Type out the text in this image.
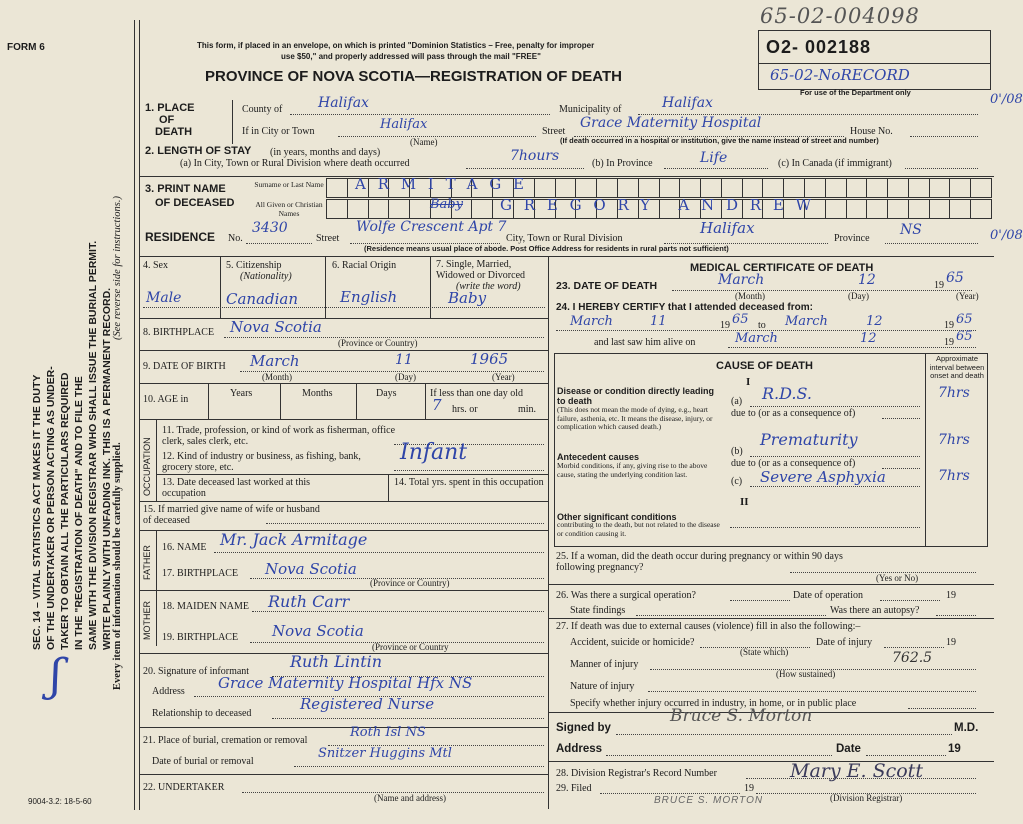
FORM 6
SEC. 14 – VITAL STATISTICS ACT MAKES IT THE DUTY OF THE UNDERTAKER OR PERSON ACTING AS UNDER- TAKER TO OBTAIN ALL THE PARTICULARS REQUIRED IN THE "REGISTRATION OF DEATH" AND TO FILE THE SAME WITH THE DIVISION REGISTRAR WHO SHALL ISSUE THE BURIAL PERMIT. WRITE PLAINLY WITH UNFADING INK. THIS IS A PERMANENT RECORD. Every item of information should be carefully supplied.
(See reverse side for instructions.)
ʃ
9004-3.2: 18-5-60
This form, if placed in an envelope, on which is printed "Dominion Statistics – Free, penalty for improper
use $50," and properly addressed will pass through the mail "FREE"
PROVINCE OF NOVA SCOTIA—REGISTRATION OF DEATH
65-02-004098
O2- 002188
65-02-NoRECORD
For use of the Department only	0'/08
0'/08
1. PLACE
OF
DEATH
County of	Halifax	Municipality of	Halifax
If in City or Town	Halifax
(Name)
Street
Grace Maternity Hospital
House No.
(If death occurred in a hospital or institution, give the name instead of street and number)
2. LENGTH OF STAY (in years, months and days)
(a) In City, Town or Rural Division where death occurred	7hours	(b) In Province	Life	(c) In Canada (if immigrant)
3. PRINT NAME
OF DECEASED
Surname or Last Name
All Given or Christian Names
ARMITAGE
Baby GREGORY ANDREW
RESIDENCE No.
3430
Street
Wolfe Crescent Apt 7
City, Town or Rural Division
Halifax
Province
NS
(Residence means usual place of abode. Post Office Address for residents in rural parts not sufficient)
4. Sex
Male
5. Citizenship
(Nationality)
Canadian
6. Racial Origin
English
7. Single, Married, Widowed or Divorced
(write the word)
Baby
8. BIRTHPLACE Nova Scotia
(Province or Country)
9. DATE OF BIRTH March	11	1965
(Month)	(Day)	(Year)
10. AGE in
Years	Months	Days	If less than one day old
7 hrs. or	min.
OCCUPATION
11. Trade, profession, or kind of work as fisherman, office clerk, sales clerk, etc.
12. Kind of industry or business, as fishing, bank, grocery store, etc.
Infant
13. Date deceased last worked at this occupation
14. Total yrs. spent in this occupation
15. If married give name of wife or husband of deceased
FATHER 16. NAME Mr. Jack Armitage
17. BIRTHPLACE Nova Scotia
(Province or Country)
MOTHER 18. MAIDEN NAME Ruth Carr
19. BIRTHPLACE Nova Scotia
(Province or Country
20. Signature of informant
Ruth Lintin
Address Grace Maternity Hospital Hfx NS
Relationship to deceased
Registered Nurse
21. Place of burial, cremation or removal
Roth Isl NS
Date of burial or removal
Snitzer Huggins Mtl
22. UNDERTAKER
(Name and address)
MEDICAL CERTIFICATE OF DEATH
23. DATE OF DEATH	March	12	19 65
(Month)	(Day)	(Year)
24. I HEREBY CERTIFY that I attended deceased from:
March	11	19 65 to March	12	19 65
and last saw him alive on	March	12	19 65
CAUSE OF DEATH
Approximate interval between onset and death
I
Disease or condition directly leading to death
(This does not mean the mode of dying, e.g., heart failure, asthenia, etc. It means the disease, injury, or complication which caused death.)
(a) R.D.S.	7hrs
due to (or as a consequence of)
Antecedent causes
Morbid conditions, if any, giving rise to the above cause, stating the underlying condition last.
(b)
Prematurity	7hrs
due to (or as a consequence of)
(c) Severe Asphyxia	7hrs
II
Other significant conditions
contributing to the death, but not related to the disease or condition causing it.
25. If a woman, did the death occur during pregnancy or within 90 days following pregnancy?
(Yes or No)
26. Was there a surgical operation?	Date of operation	19
State findings	Was there an autopsy?
27. If death was due to external causes (violence) fill in also the following:–
Accident, suicide or homicide?	Date of injury	19
(State which)
Manner of injury	762.5
(How sustained)
Nature of injury
Specify whether injury occurred in industry, in home, or in public place
Signed by
Bruce S. Morton
M.D.
Address	Date	19
28. Division Registrar's Record Number
29. Filed	19
Mary E. Scott
(Division Registrar)
BRUCE S. MORTON
